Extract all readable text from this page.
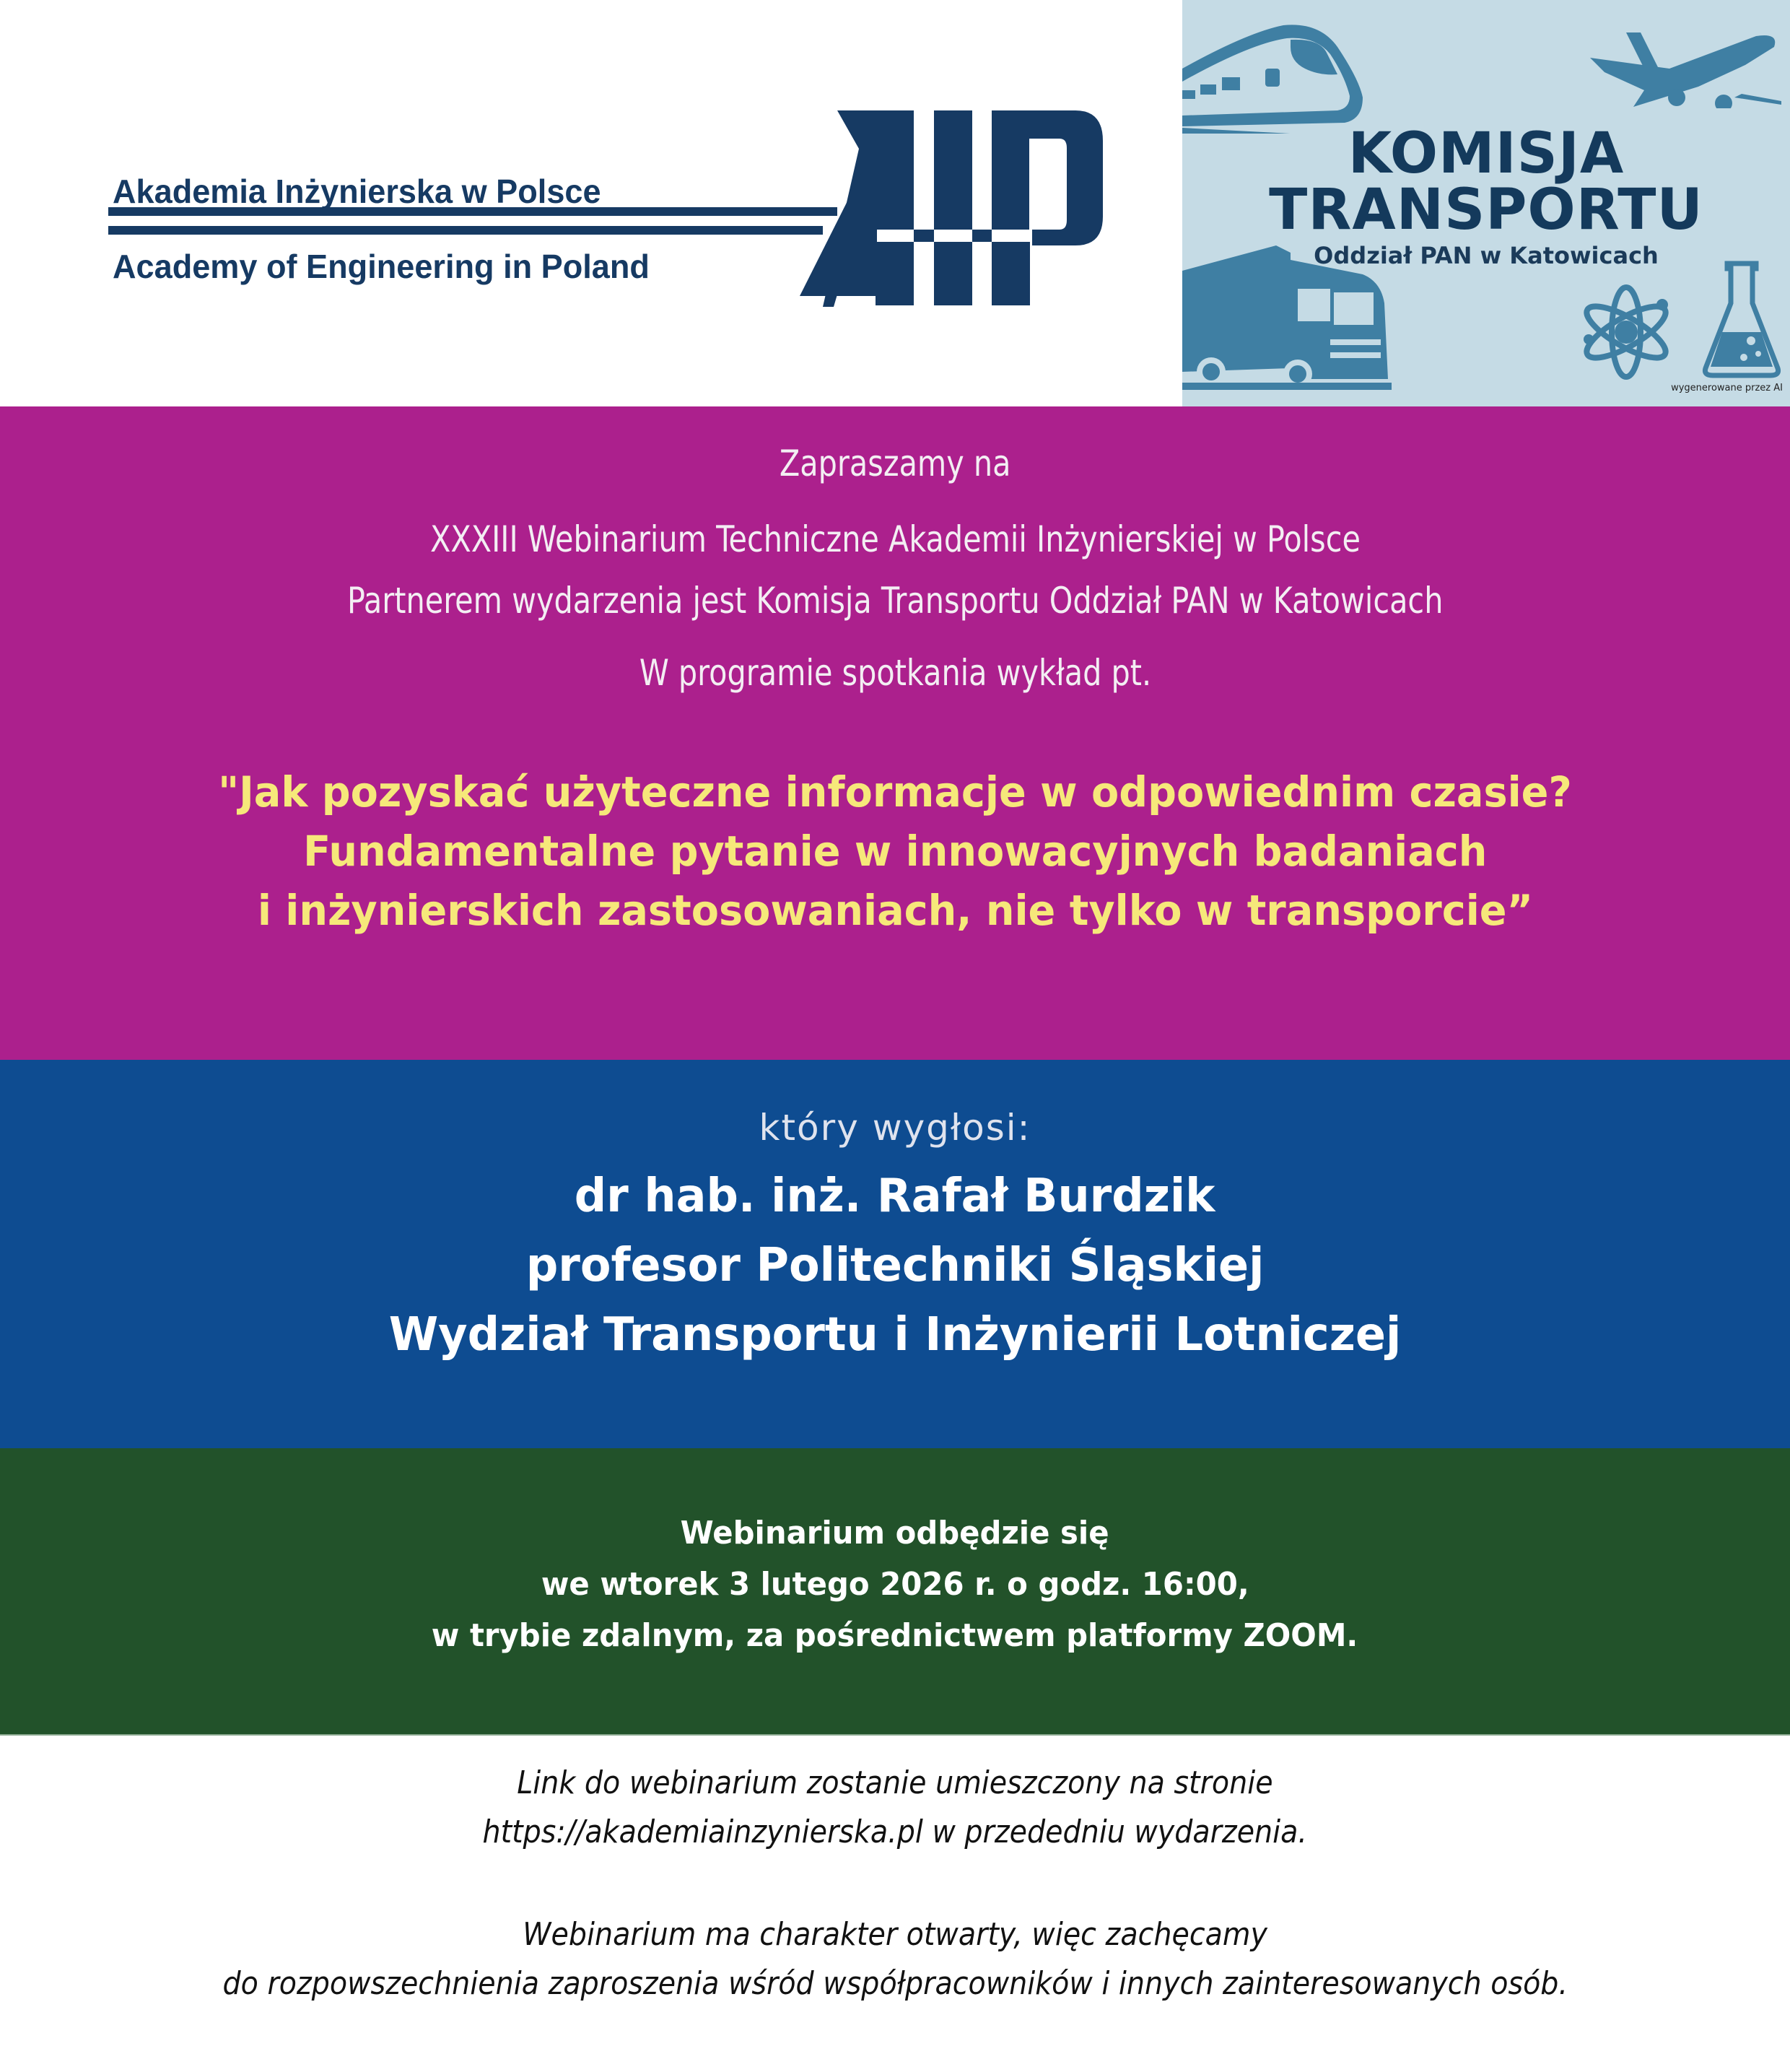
Akademia Inżynierska w Polsce
Academy of Engineering in Poland
KOMISJA
TRANSPORTU
Oddział PAN w Katowicach
wygenerowane przez AI
Zapraszamy na
XXXIII Webinarium Techniczne Akademii Inżynierskiej w Polsce
Partnerem wydarzenia jest Komisja Transportu Oddział PAN w Katowicach
W programie spotkania wykład pt.
"Jak pozyskać użyteczne informacje w odpowiednim czasie?
Fundamentalne pytanie w innowacyjnych badaniach
i inżynierskich zastosowaniach, nie tylko w transporcie”
który wygłosi:
dr hab. inż. Rafał Burdzik
profesor Politechniki Śląskiej
Wydział Transportu i Inżynierii Lotniczej
Webinarium odbędzie się
we wtorek 3 lutego 2026 r. o godz. 16:00,
w trybie zdalnym, za pośrednictwem platformy ZOOM.
Link do webinarium zostanie umieszczony na stronie
https://akademiainzynierska.pl w przededniu wydarzenia.
Webinarium ma charakter otwarty, więc zachęcamy
do rozpowszechnienia zaproszenia wśród współpracowników i innych zainteresowanych osób.
